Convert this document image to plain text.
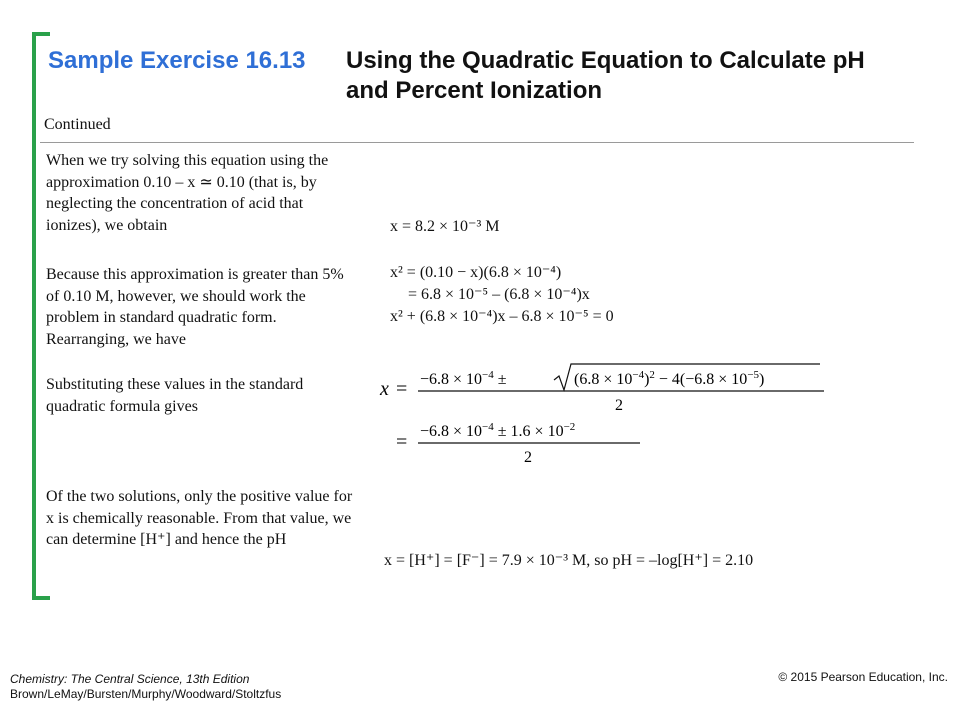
Sample Exercise 16.13 Using the Quadratic Equation to Calculate pH and Percent Ionization
Continued
When we try solving this equation using the approximation 0.10 – x ≃ 0.10 (that is, by neglecting the concentration of acid that ionizes), we obtain
Because this approximation is greater than 5% of 0.10 M, however, we should work the problem in standard quadratic form. Rearranging, we have
Substituting these values in the standard quadratic formula gives
Of the two solutions, only the positive value for x is chemically reasonable. From that value, we can determine [H⁺] and hence the pH
x = 8.2 × 10⁻³ M
x² = (0.10 − x)(6.8 × 10⁻⁴)
= 6.8 × 10⁻⁵ – (6.8 × 10⁻⁴)x
x² + (6.8 × 10⁻⁴)x – 6.8 × 10⁻⁵ = 0
$x = -6.8 \times 10^{-4}$ ±	$(6.8 \times 10^{-4})^2 - 4(-6.8 \times 10^{-5})$
2
= $-6.8 \times 10^{-4} \pm 1.6 \times 10^{-2}$
2
x = [H⁺] = [F⁻] = 7.9 × 10⁻³ M, so pH = –log[H⁺] = 2.10
Chemistry: The Central Science, 13th Edition
Brown/LeMay/Bursten/Murphy/Woodward/Stoltzfus
© 2015 Pearson Education, Inc.
